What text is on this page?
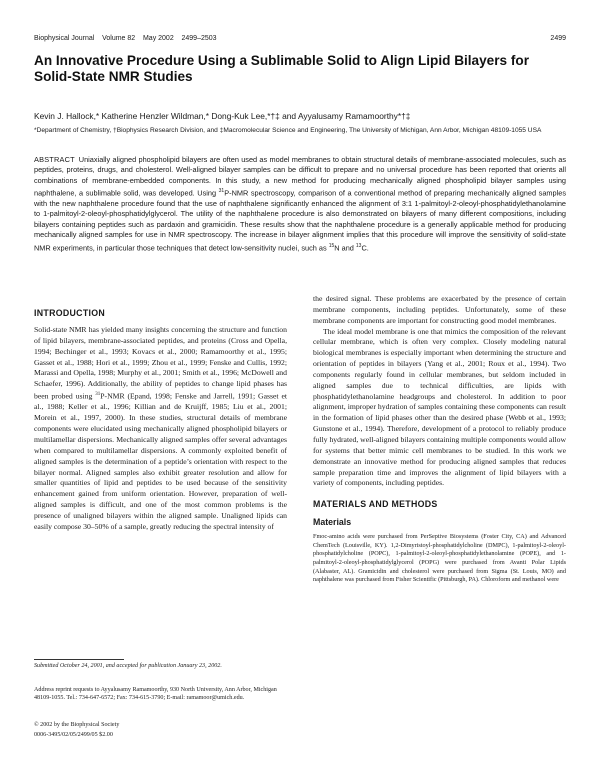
Biophysical Journal Volume 82 May 2002 2499–2503	2499
An Innovative Procedure Using a Sublimable Solid to Align Lipid Bilayers for Solid-State NMR Studies
Kevin J. Hallock,* Katherine Henzler Wildman,* Dong-Kuk Lee,*†‡ and Ayyalusamy Ramamoorthy*†‡
*Department of Chemistry, †Biophysics Research Division, and ‡Macromolecular Science and Engineering, The University of Michigan, Ann Arbor, Michigan 48109-1055 USA
ABSTRACT Uniaxially aligned phospholipid bilayers are often used as model membranes to obtain structural details of membrane-associated molecules, such as peptides, proteins, drugs, and cholesterol. Well-aligned bilayer samples can be difficult to prepare and no universal procedure has been reported that orients all combinations of membrane-embedded components. In this study, a new method for producing mechanically aligned phospholipid bilayer samples using naphthalene, a sublimable solid, was developed. Using $^{31}$P-NMR spectroscopy, comparison of a conventional method of preparing mechanically aligned samples with the new naphthalene procedure found that the use of naphthalene significantly enhanced the alignment of 3:1 1-palmitoyl-2-oleoyl-phosphatidylethanolamine to 1-palmitoyl-2-oleoyl-phosphatidylglycerol. The utility of the naphthalene procedure is also demonstrated on bilayers of many different compositions, including bilayers containing peptides such as pardaxin and gramicidin. These results show that the naphthalene procedure is a generally applicable method for producing mechanically aligned samples for use in NMR spectroscopy. The increase in bilayer alignment implies that this procedure will improve the sensitivity of solid-state NMR experiments, in particular those techniques that detect low-sensitivity nuclei, such as $^{15}$N and $^{13}$C.
INTRODUCTION

Solid-state NMR has yielded many insights concerning the structure and function of lipid bilayers, membrane-associated peptides, and proteins (Cross and Opella, 1994; Bechinger et al., 1993; Kovacs et al., 2000; Ramamoorthy et al., 1995; Gasset et al., 1988; Hori et al., 1999; Zhou et al., 1999; Fenske and Cullis, 1992; Marassi and Opella, 1998; Murphy et al., 2001; Smith et al., 1996; McDowell and Schaefer, 1996). Additionally, the ability of peptides to change lipid phases has been probed using $^{31}$P-NMR (Epand, 1998; Fenske and Jarrell, 1991; Gasset et al., 1988; Keller et al., 1996; Killian and de Kruijff, 1985; Liu et al., 2001; Morein et al., 1997, 2000). In these studies, structural details of membrane components were elucidated using mechanically aligned phospholipid bilayers or multilamellar dispersions. Mechanically aligned samples offer several advantages when compared to multilamellar dispersions. A commonly exploited benefit of aligned samples is the determination of a peptide’s orientation with respect to the bilayer normal. Aligned samples also exhibit greater resolution and allow for smaller quantities of lipid and peptides to be used because of the sensitivity enhancement gained from uniform orientation. However, preparation of well-aligned samples is difficult, and one of the most common problems is the presence of unaligned bilayers within the aligned sample. Unaligned lipids can easily compose 30–50% of a sample, greatly reducing the spectral intensity of

the desired signal. These problems are exacerbated by the presence of certain membrane components, including peptides. Unfortunately, some of these membrane components are important for constructing good model membranes.

The ideal model membrane is one that mimics the composition of the relevant cellular membrane, which is often very complex. Closely modeling natural biological membranes is especially important when determining the structure and orientation of peptides in bilayers (Yang et al., 2001; Roux et al., 1994). Two components regularly found in cellular membranes, but seldom included in aligned samples due to technical difficulties, are lipids with phosphatidylethanolamine headgroups and cholesterol. In addition to poor alignment, improper hydration of samples containing these components can result in the formation of lipid phases other than the desired phase (Webb et al., 1993; Gunstone et al., 1994). Therefore, development of a protocol to reliably produce fully hydrated, well-aligned bilayers containing multiple components would allow for systems that better mimic cell membranes to be studied. In this work we demonstrate an innovative method for producing aligned samples that reduces sample preparation time and improves the alignment of lipid bilayers with a variety of components, including peptides.

MATERIALS AND METHODS
Materials

Fmoc-amino acids were purchased from PerSeptive Biosystems (Foster City, CA) and Advanced ChemTech (Louisville, KY). 1,2-Dimyristoyl-phosphatidylcholine (DMPC), 1-palmitoyl-2-oleoyl-phosphatidylcholine (POPC), 1-palmitoyl-2-oleoyl-phosphatidylethanolamine (POPE), and 1-palmitoyl-2-oleoyl-phosphatidylglycerol (POPG) were purchased from Avanti Polar Lipids (Alabaster, AL). Gramicidin and cholesterol were purchased from Sigma (St. Louis, MO) and naphthalene was purchased from Fisher Scientific (Pittsburgh, PA). Chloroform and methanol were

Submitted October 24, 2001, and accepted for publication January 23, 2002.
Address reprint requests to Ayyalusamy Ramamoorthy, 930 North University, Ann Arbor, Michigan 48109-1055. Tel.: 734-647-6572; Fax: 734-615-3790; E-mail: ramamoor@umich.edu.
© 2002 by the Biophysical Society
0006-3495/02/05/2499/05 $2.00
